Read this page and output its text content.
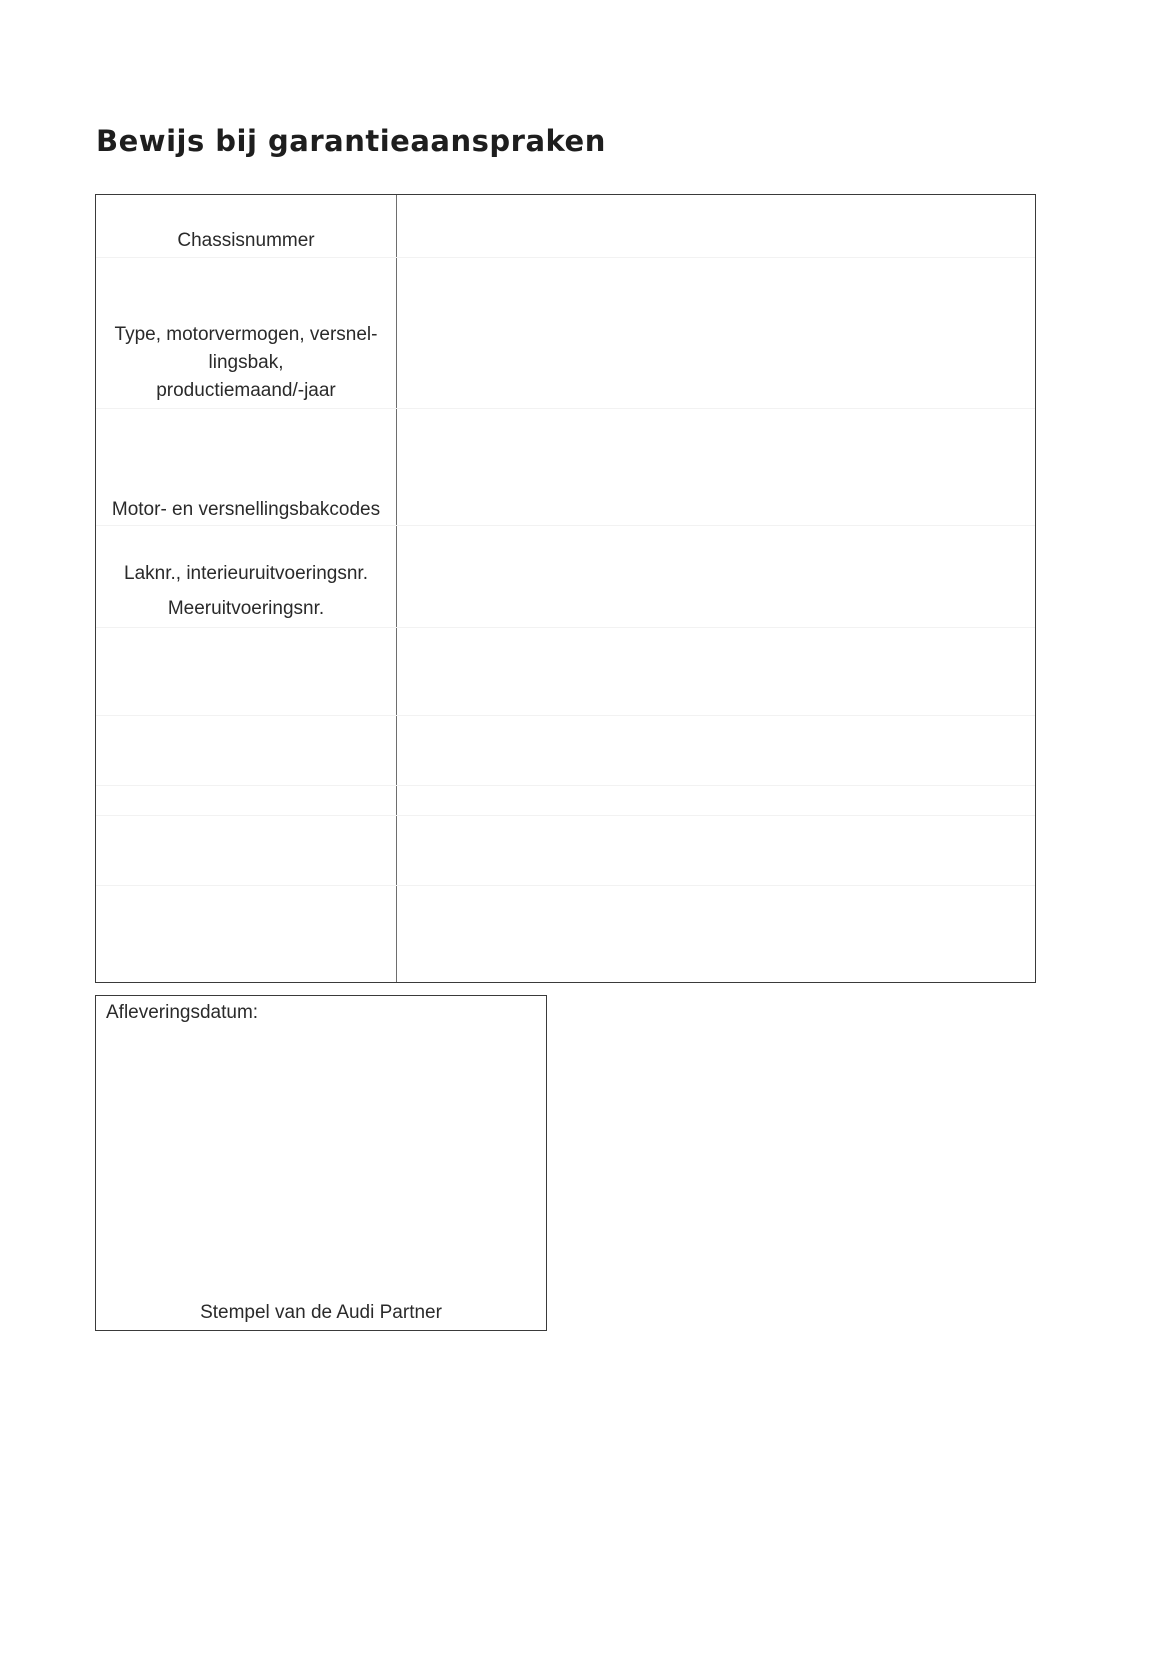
Bewijs bij garantieaanspraken
Chassisnummer
Type, motorvermogen, versnel-
lingsbak,
productiemaand/-jaar
Motor- en versnellingsbakcodes
Laknr., interieuruitvoeringsnr.
Meeruitvoeringsnr.
Afleveringsdatum:
Stempel van de Audi Partner
